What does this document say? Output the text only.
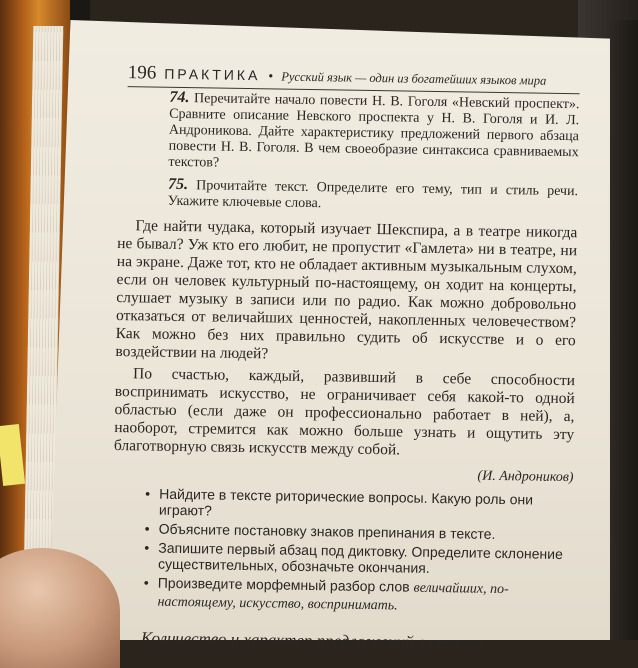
196 ПРАКТИКА • Русский язык — один из богатейших языков мира
74. Перечитайте начало повести Н. В. Гоголя «Невский проспект». Сравните описание Невского проспекта у Н. В. Гоголя и И. Л. Андроникова. Дайте характеристику предложений первого абзаца повести Н. В. Гоголя. В чем своеобразие синтаксиса сравниваемых текстов?
75. Прочитайте текст. Определите его тему, тип и стиль речи. Укажите ключевые слова.

Где найти чудака, который изучает Шекспира, а в театре никогда не бывал? Уж кто его любит, не пропустит «Гамлета» ни в театре, ни на экране. Даже тот, кто не обладает активным музыкальным слухом, если он человек культурный по-настоящему, он ходит на концерты, слушает музыку в записи или по радио. Как можно добровольно отказаться от величайших ценностей, накопленных человечеством? Как можно без них правильно судить об искусстве и о его воздействии на людей?

По счастью, каждый, развивший в себе способности воспринимать искусство, не ограничивает себя какой-то одной областью (если даже он профессионально работает в ней), а, наоборот, стремится как можно больше узнать и ощутить эту благотворную связь искусств между собой.

(И. Андроников)
• Найдите в тексте риторические вопросы. Какую роль они играют?
• Объясните постановку знаков препинания в тексте.
• Запишите первый абзац под диктовку. Определите склонение существительных, обозначьте окончания.
• Произведите морфемный разбор слов величайших, по-настоящему, искусство, воспринимать.
Количество и характер предложений в тексте
